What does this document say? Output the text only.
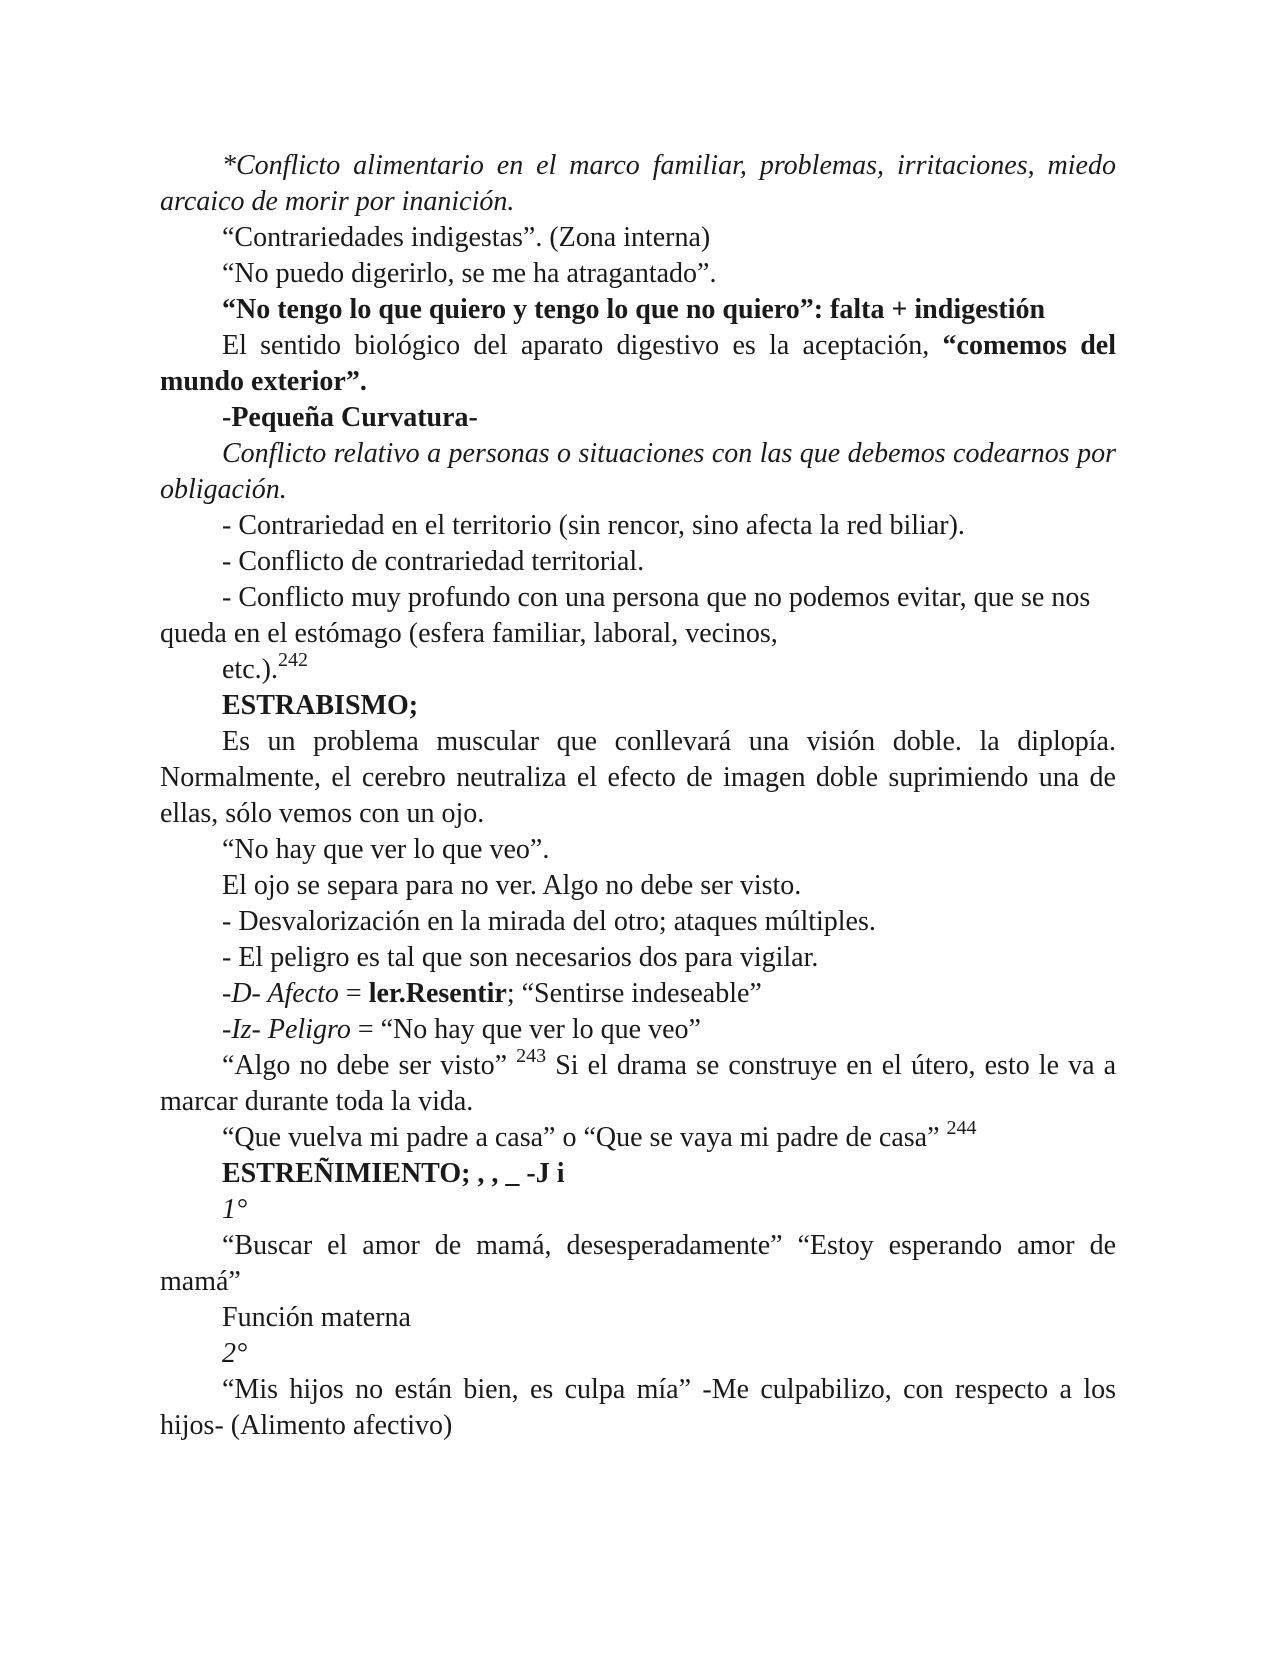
*Conflicto alimentario en el marco familiar, problemas, irritaciones, miedo arcaico de morir por inanición.

“Contrariedades indigestas”. (Zona interna)

“No puedo digerirlo, se me ha atragantado”.

“No tengo lo que quiero y tengo lo que no quiero”: falta + indigestión

El sentido biológico del aparato digestivo es la aceptación, “comemos del mundo exterior”.

-Pequeña Curvatura-

Conflicto relativo a personas o situaciones con las que debemos codearnos por obligación.

- Contrariedad en el territorio (sin rencor, sino afecta la red biliar).

- Conflicto de contrariedad territorial.

- Conflicto muy profundo con una persona que no podemos evitar, que se nos queda en el estómago (esfera familiar, laboral, vecinos,

etc.).$^{242}$

ESTRABISMO;

Es un problema muscular que conllevará una visión doble. la diplopía. Normalmente, el cerebro neutraliza el efecto de imagen doble suprimiendo una de ellas, sólo vemos con un ojo.

“No hay que ver lo que veo”.

El ojo se separa para no ver. Algo no debe ser visto.

- Desvalorización en la mirada del otro; ataques múltiples.

- El peligro es tal que son necesarios dos para vigilar.

-D- Afecto = ler.Resentir; “Sentirse indeseable”

-Iz- Peligro = “No hay que ver lo que veo”

“Algo no debe ser visto” $^{243}$ Si el drama se construye en el útero, esto le va a marcar durante toda la vida.

“Que vuelva mi padre a casa” o “Que se vaya mi padre de casa” $^{244}$

ESTREÑIMIENTO; , , _ -J i

1°

“Buscar el amor de mamá, desesperadamente” “Estoy esperando amor de mamá”

Función materna

2°

“Mis hijos no están bien, es culpa mía” -Me culpabilizo, con respecto a los hijos- (Alimento afectivo)
